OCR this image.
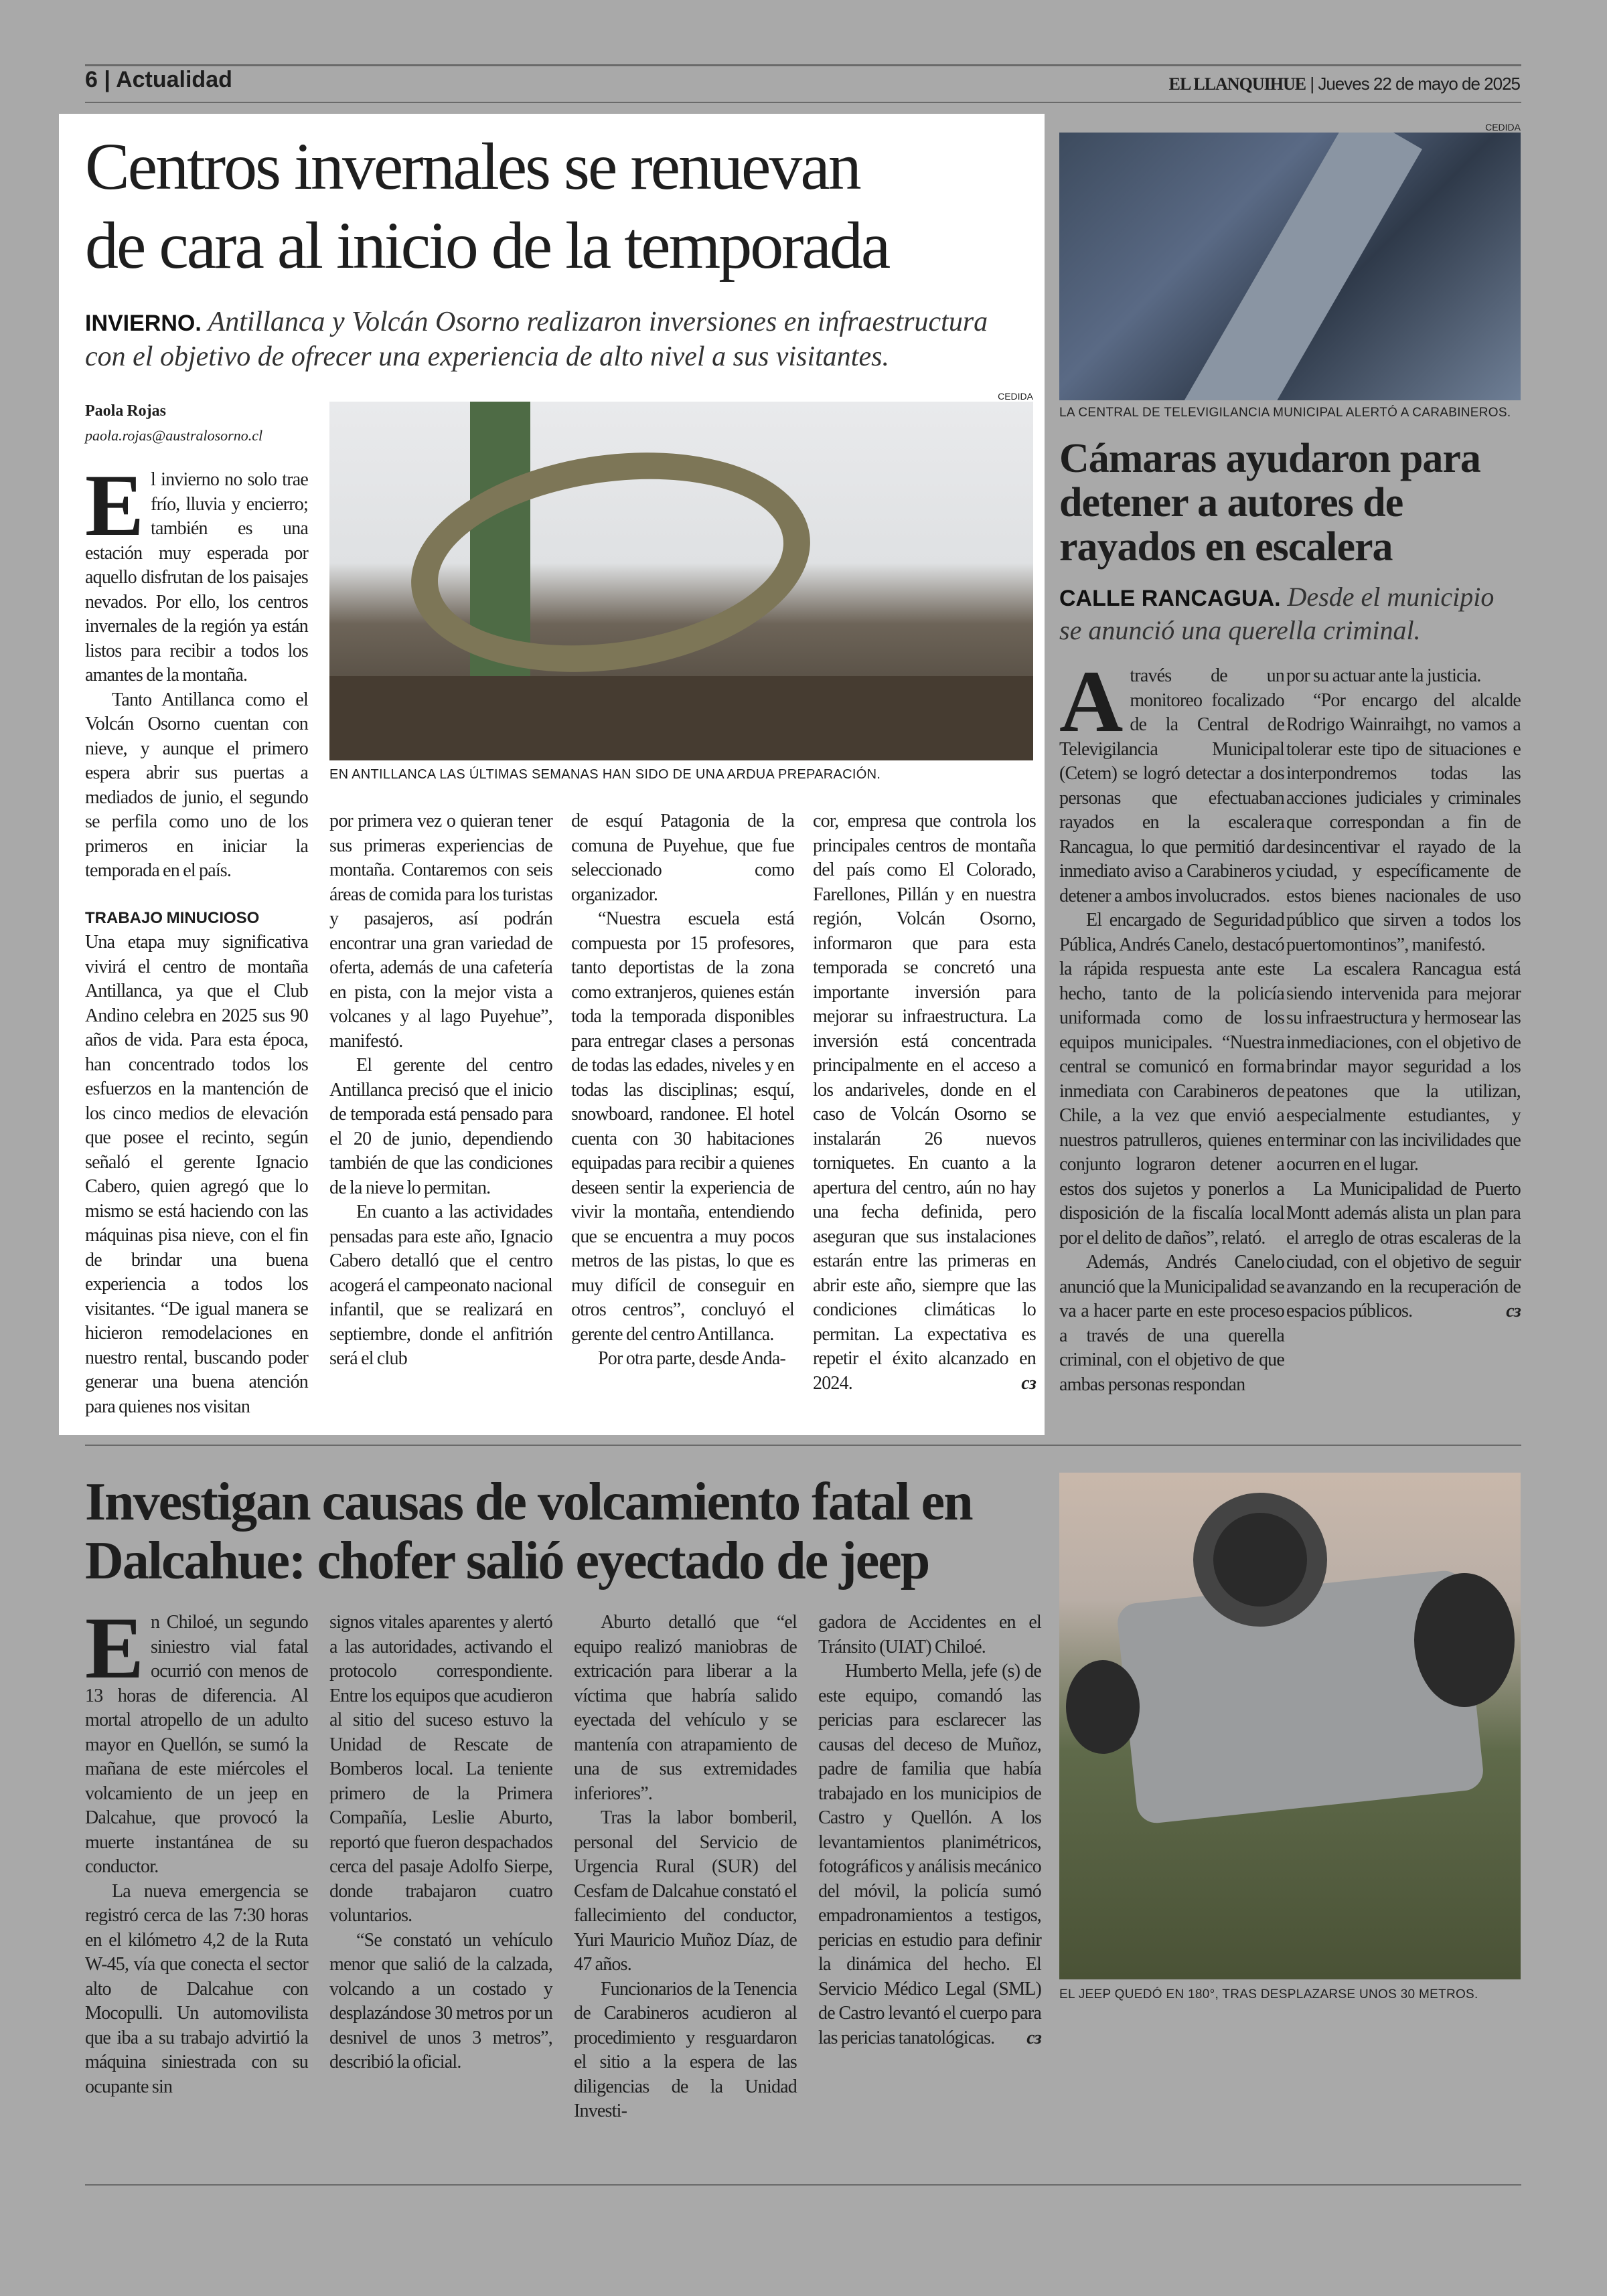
6 | Actualidad	EL LLANQUIHUE | Jueves 22 de mayo de 2025
Centros invernales se renuevan
de cara al inicio de la temporada
INVIERNO. Antillanca y Volcán Osorno realizaron inversiones en infraestructura con el objetivo de ofrecer una experiencia de alto nivel a sus visitantes.
Paola Rojas
paola.rojas@australosorno.cl

El invierno no solo trae frío, lluvia y encierro; también es una estación muy esperada por aquello disfrutan de los paisajes nevados. Por ello, los centros invernales de la región ya están listos para recibir a todos los amantes de la montaña.

Tanto Antillanca como el Volcán Osorno cuentan con nieve, y aunque el primero espera abrir sus puertas a mediados de junio, el segundo se perfila como uno de los primeros en iniciar la temporada en el país.

TRABAJO MINUCIOSO

Una etapa muy significativa vivirá el centro de montaña Antillanca, ya que el Club Andino celebra en 2025 sus 90 años de vida. Para esta época, han concentrado todos los esfuerzos en la mantención de los cinco medios de elevación que posee el recinto, según señaló el gerente Ignacio Cabero, quien agregó que lo mismo se está haciendo con las máquinas pisa nieve, con el fin de brindar una buena experiencia a todos los visitantes. “De igual manera se hicieron remodelaciones en nuestro rental, buscando poder generar una buena atención para quienes nos visitan

CEDIDA
EN ANTILLANCA LAS ÚLTIMAS SEMANAS HAN SIDO DE UNA ARDUA PREPARACIÓN.

por primera vez o quieran tener sus primeras experiencias de montaña. Contaremos con seis áreas de comida para los turistas y pasajeros, así podrán encontrar una gran variedad de oferta, además de una cafetería en pista, con la mejor vista a volcanes y al lago Puyehue”, manifestó.

El gerente del centro Antillanca precisó que el inicio de temporada está pensado para el 20 de junio, dependiendo también de que las condiciones de la nieve lo permitan.

En cuanto a las actividades pensadas para este año, Ignacio Cabero detalló que el centro acogerá el campeonato nacional infantil, que se realizará en septiembre, donde el anfitrión será el club

de esquí Patagonia de la comuna de Puyehue, que fue seleccionado como organizador.

“Nuestra escuela está compuesta por 15 profesores, tanto deportistas de la zona como extranjeros, quienes están toda la temporada disponibles para entregar clases a personas de todas las edades, niveles y en todas las disciplinas; esquí, snowboard, randonee. El hotel cuenta con 30 habitaciones equipadas para recibir a quienes deseen sentir la experiencia de vivir la montaña, entendiendo que se encuentra a muy pocos metros de las pistas, lo que es muy difícil de conseguir en otros centros”, concluyó el gerente del centro Antillanca.

Por otra parte, desde Anda-

cor, empresa que controla los principales centros de montaña del país como El Colorado, Farellones, Pillán y en nuestra región, Volcán Osorno, informaron que para esta temporada se concretó una importante inversión para mejorar su infraestructura. La inversión está concentrada principalmente en el acceso a los andariveles, donde en el caso de Volcán Osorno se instalarán 26 nuevos torniquetes. En cuanto a la apertura del centro, aún no hay una fecha definida, pero aseguran que sus instalaciones estarán entre las primeras en abrir este año, siempre que las condiciones climáticas lo permitan. La expectativa es repetir el éxito alcanzado en 2024.	cз

CEDIDA
LA CENTRAL DE TELEVIGILANCIA MUNICIPAL ALERTÓ A CARABINEROS.
Cámaras ayudaron para detener a autores de rayados en escalera
CALLE RANCAGUA. Desde el municipio se anunció una querella criminal.

Através de un monitoreo focalizado de la Central de Televigilancia Municipal (Cetem) se logró detectar a dos personas que efectuaban rayados en la escalera Rancagua, lo que permitió dar inmediato aviso a Carabineros y detener a ambos involucrados.

El encargado de Seguridad Pública, Andrés Canelo, destacó la rápida respuesta ante este hecho, tanto de la policía uniformada como de los equipos municipales. “Nuestra central se comunicó en forma inmediata con Carabineros de Chile, a la vez que envió a nuestros patrulleros, quienes en conjunto lograron detener a estos dos sujetos y ponerlos a disposición de la fiscalía local por el delito de daños”, relató.

Además, Andrés Canelo anunció que la Municipalidad se va a hacer parte en este proceso a través de una querella criminal, con el objetivo de que ambas personas respondan

por su actuar ante la justicia.

“Por encargo del alcalde Rodrigo Wainraihgt, no vamos a tolerar este tipo de situaciones e interpondremos todas las acciones judiciales y criminales que correspondan a fin de desincentivar el rayado de la ciudad, y específicamente de estos bienes nacionales de uso público que sirven a todos los puertomontinos”, manifestó.

La escalera Rancagua está siendo intervenida para mejorar su infraestructura y hermosear las inmediaciones, con el objetivo de brindar mayor seguridad a los peatones que la utilizan, especialmente estudiantes, y terminar con las incivilidades que ocurren en el lugar.

La Municipalidad de Puerto Montt además alista un plan para el arreglo de otras escaleras de la ciudad, con el objetivo de seguir avanzando en la recuperación de espacios públicos.	cз

Investigan causas de volcamiento fatal en
Dalcahue: chofer salió eyectado de jeep

En Chiloé, un segundo siniestro vial fatal ocurrió con menos de 13 horas de diferencia. Al mortal atropello de un adulto mayor en Quellón, se sumó la mañana de este miércoles el volcamiento de un jeep en Dalcahue, que provocó la muerte instantánea de su conductor.

La nueva emergencia se registró cerca de las 7:30 horas en el kilómetro 4,2 de la Ruta W-45, vía que conecta el sector alto de Dalcahue con Mocopulli. Un automovilista que iba a su trabajo advirtió la máquina siniestrada con su ocupante sin

signos vitales aparentes y alertó a las autoridades, activando el protocolo correspondiente. Entre los equipos que acudieron al sitio del suceso estuvo la Unidad de Rescate de Bomberos local. La teniente primero de la Primera Compañía, Leslie Aburto, reportó que fueron despachados cerca del pasaje Adolfo Sierpe, donde trabajaron cuatro voluntarios.

“Se constató un vehículo menor que salió de la calzada, volcando a un costado y desplazándose 30 metros por un desnivel de unos 3 metros”, describió la oficial.

Aburto detalló que “el equipo realizó maniobras de extricación para liberar a la víctima que habría salido eyectada del vehículo y se mantenía con atrapamiento de una de sus extremidades inferiores”.

Tras la labor bomberil, personal del Servicio de Urgencia Rural (SUR) del Cesfam de Dalcahue constató el fallecimiento del conductor, Yuri Mauricio Muñoz Díaz, de 47 años.

Funcionarios de la Tenencia de Carabineros acudieron al procedimiento y resguardaron el sitio a la espera de las diligencias de la Unidad Investi-

gadora de Accidentes en el Tránsito (UIAT) Chiloé.

Humberto Mella, jefe (s) de este equipo, comandó las pericias para esclarecer las causas del deceso de Muñoz, padre de familia que había trabajado en los municipios de Castro y Quellón. A los levantamientos planimétricos, fotográficos y análisis mecánico del móvil, la policía sumó empadronamientos a testigos, pericias en estudio para definir la dinámica del hecho. El Servicio Médico Legal (SML) de Castro levantó el cuerpo para las pericias tanatológicas.	cз

EL JEEP QUEDÓ EN 180°, TRAS DESPLAZARSE UNOS 30 METROS.
